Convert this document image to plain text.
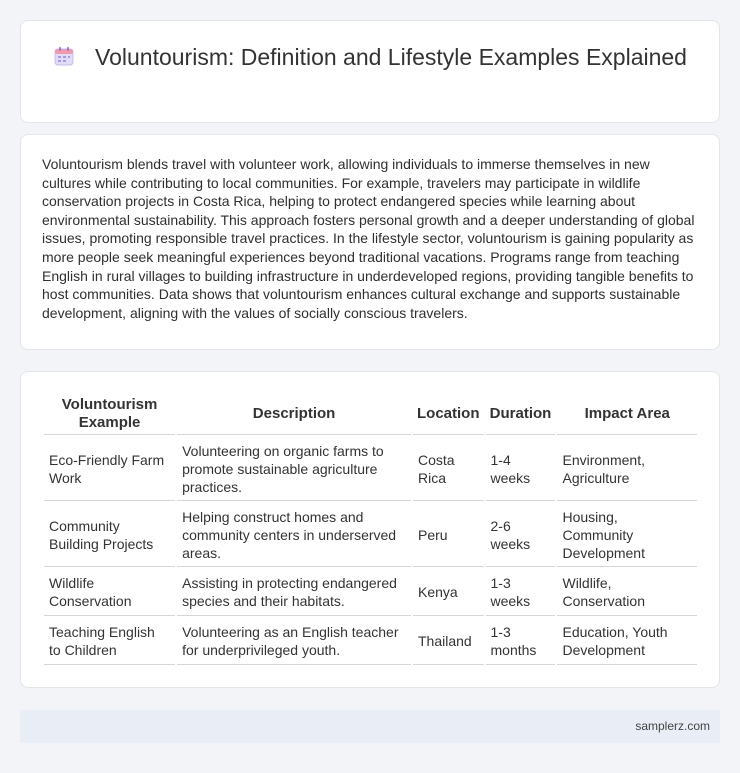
Voluntourism: Definition and Lifestyle Examples Explained

Voluntourism blends travel with volunteer work, allowing individuals to immerse themselves in new cultures while contributing to local communities. For example, travelers may participate in wildlife conservation projects in Costa Rica, helping to protect endangered species while learning about environmental sustainability. This approach fosters personal growth and a deeper understanding of global issues, promoting responsible travel practices. In the lifestyle sector, voluntourism is gaining popularity as more people seek meaningful experiences beyond traditional vacations. Programs range from teaching English in rural villages to building infrastructure in underdeveloped regions, providing tangible benefits to host communities. Data shows that voluntourism enhances cultural exchange and supports sustainable development, aligning with the values of socially conscious travelers.

Voluntourism Example	Description	Location	Duration	Impact Area
Eco-Friendly Farm Work	Volunteering on organic farms to promote sustainable agriculture practices.	Costa Rica	1-4 weeks	Environment, Agriculture
Community Building Projects	Helping construct homes and community centers in underserved areas.	Peru	2-6 weeks	Housing, Community Development
Wildlife Conservation	Assisting in protecting endangered species and their habitats.	Kenya	1-3 weeks	Wildlife, Conservation
Teaching English to Children	Volunteering as an English teacher for underprivileged youth.	Thailand	1-3 months	Education, Youth Development
samplerz.com
